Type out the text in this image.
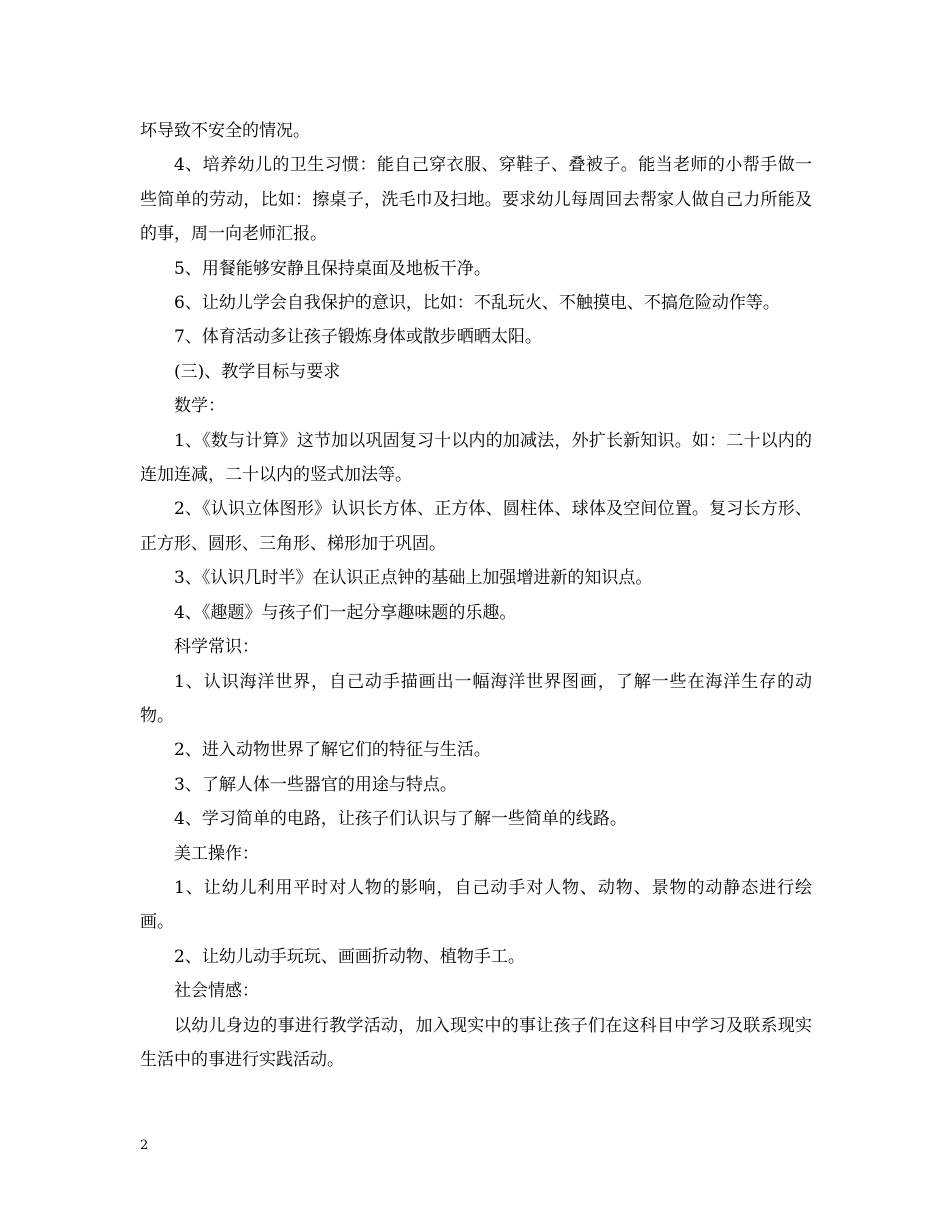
坏导致不安全的情况。

4、培养幼儿的卫生习惯：能自己穿衣服、穿鞋子、叠被子。能当老师的小帮手做一些简单的劳动，比如：擦桌子，洗毛巾及扫地。要求幼儿每周回去帮家人做自己力所能及的事，周一向老师汇报。

5、用餐能够安静且保持桌面及地板干净。

6、让幼儿学会自我保护的意识，比如：不乱玩火、不触摸电、不搞危险动作等。

7、体育活动多让孩子锻炼身体或散步晒晒太阳。

(三)、教学目标与要求

数学：

1、《数与计算》这节加以巩固复习十以内的加减法，外扩长新知识。如：二十以内的连加连减，二十以内的竖式加法等。

2、《认识立体图形》认识长方体、正方体、圆柱体、球体及空间位置。复习长方形、正方形、圆形、三角形、梯形加于巩固。

3、《认识几时半》在认识正点钟的基础上加强增进新的知识点。

4、《趣题》与孩子们一起分享趣味题的乐趣。

科学常识：

1、认识海洋世界，自己动手描画出一幅海洋世界图画，了解一些在海洋生存的动物。

2、进入动物世界了解它们的特征与生活。

3、了解人体一些器官的用途与特点。

4、学习简单的电路，让孩子们认识与了解一些简单的线路。

美工操作：

1、让幼儿利用平时对人物的影响，自己动手对人物、动物、景物的动静态进行绘画。

2、让幼儿动手玩玩、画画折动物、植物手工。

社会情感：

以幼儿身边的事进行教学活动，加入现实中的事让孩子们在这科目中学习及联系现实生活中的事进行实践活动。

2
